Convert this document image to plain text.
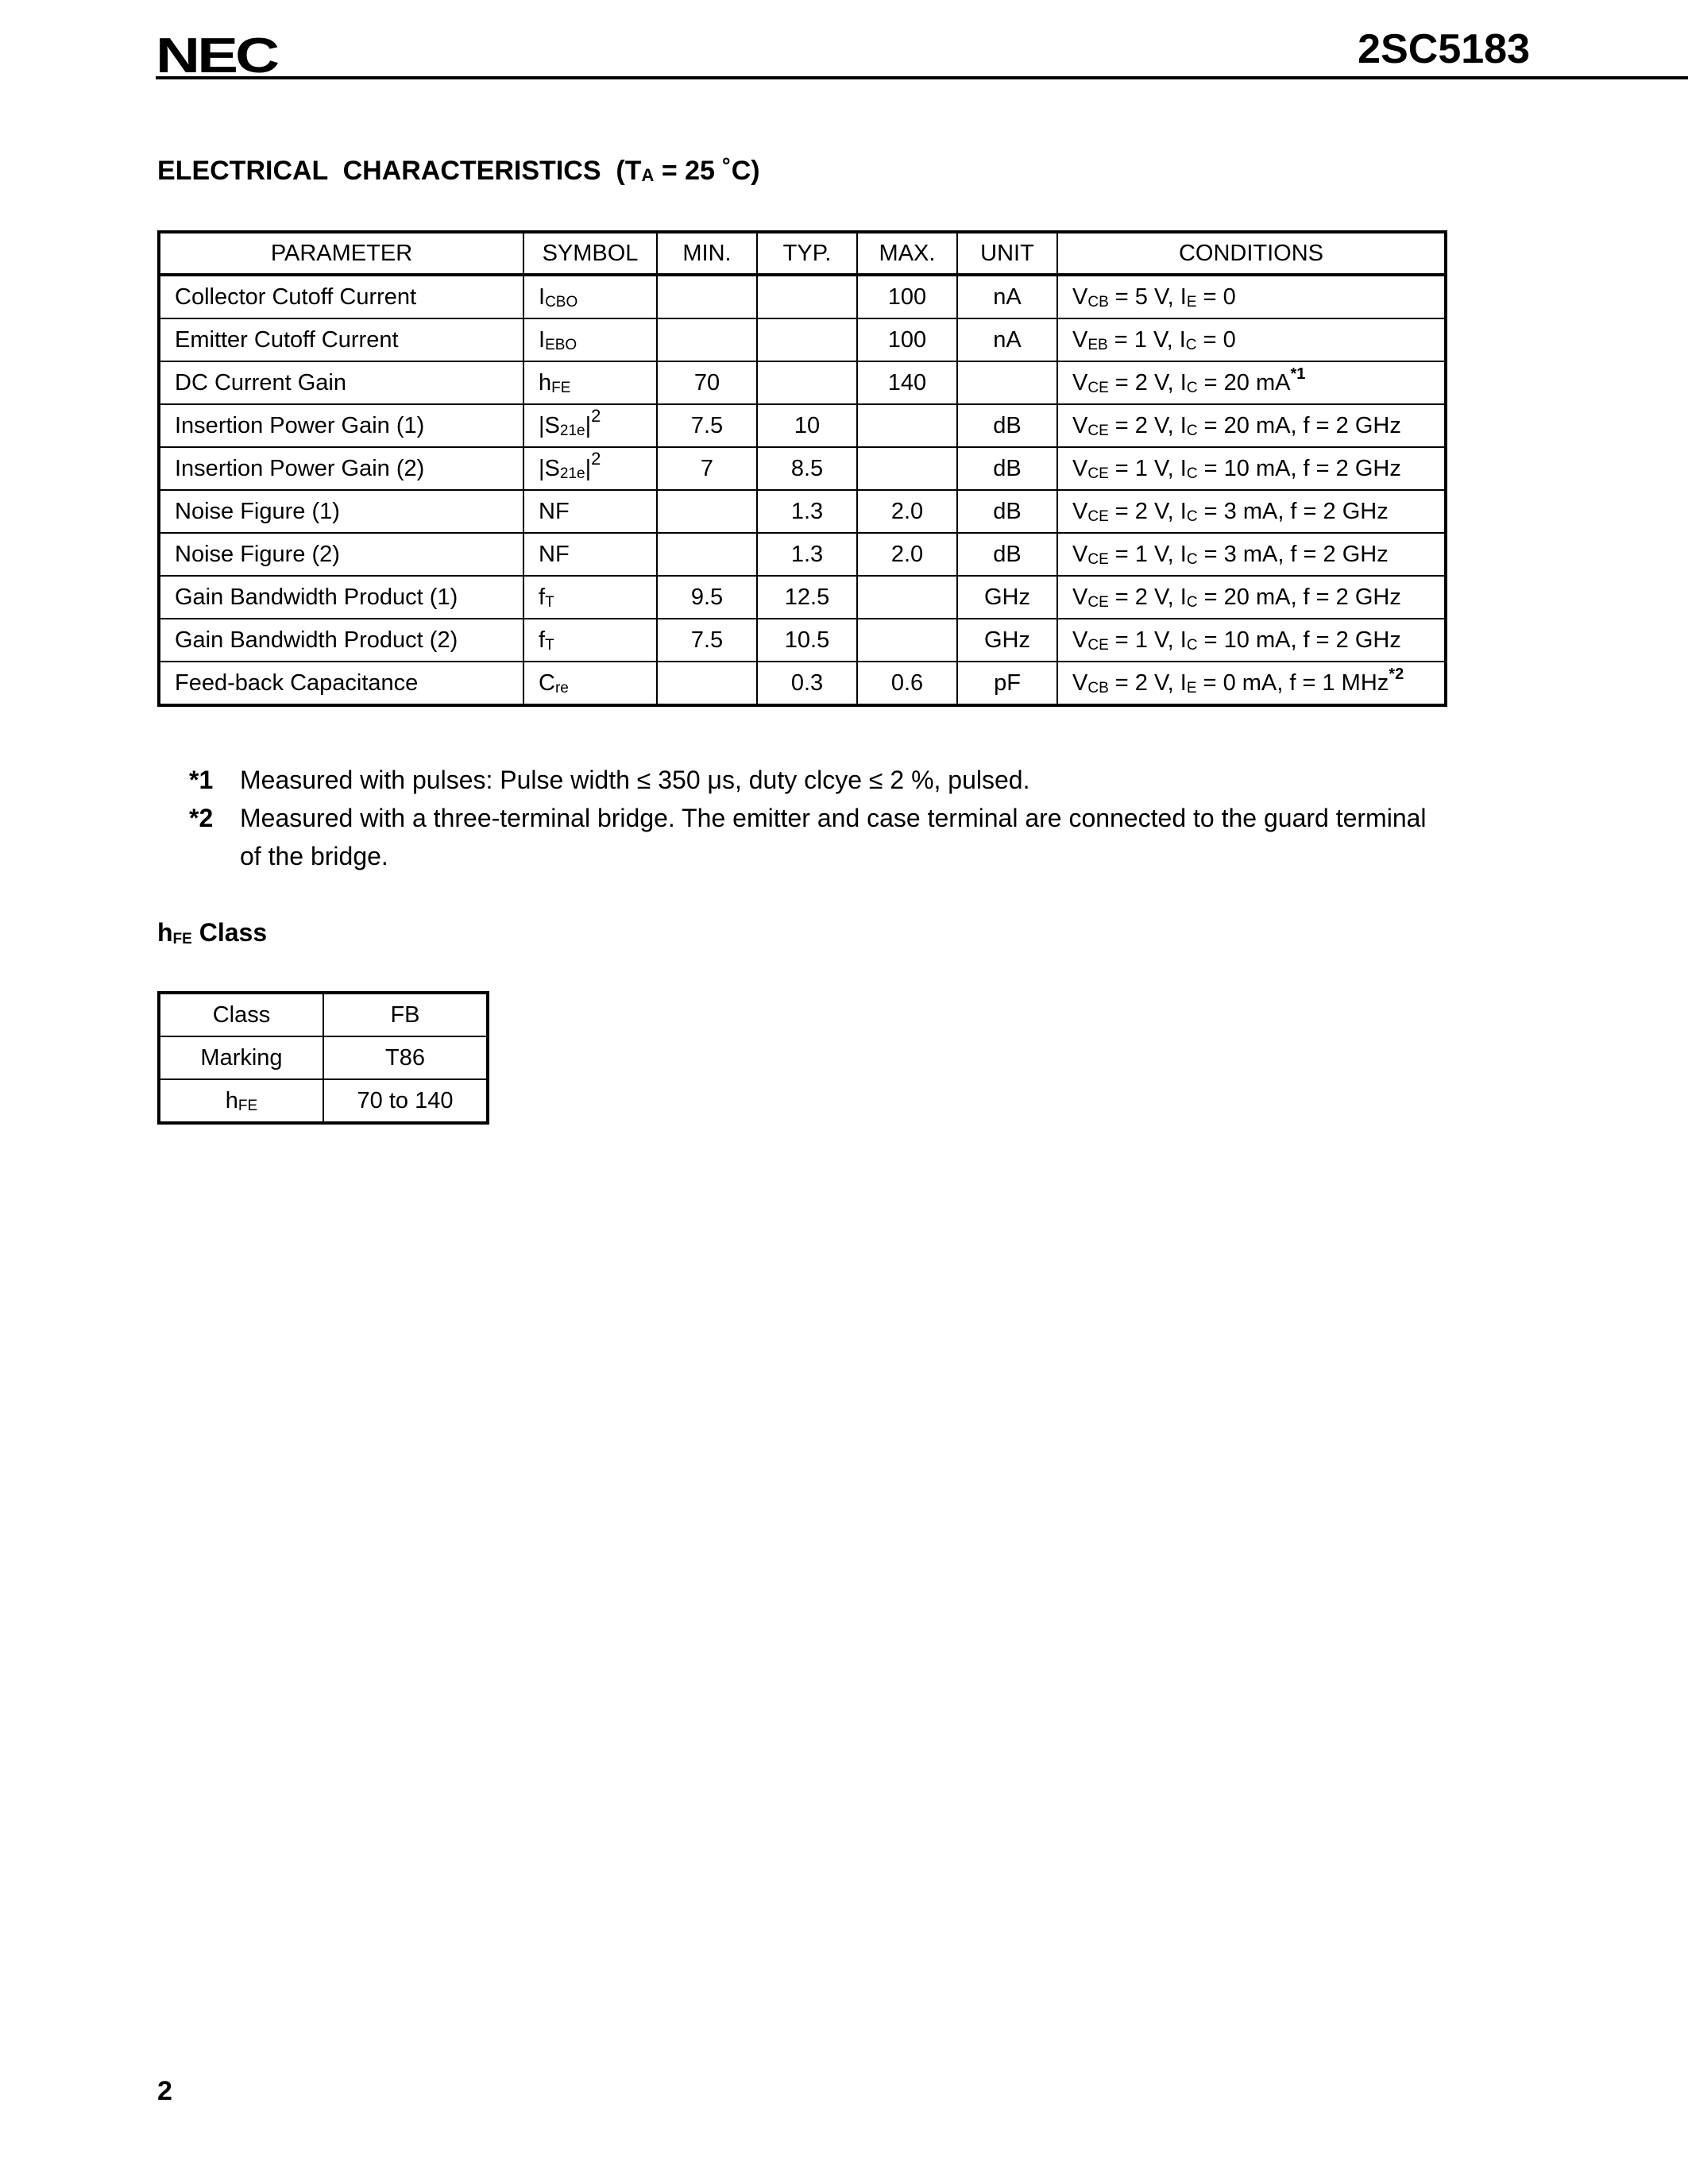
NEC	2SC5183
ELECTRICAL  CHARACTERISTICS  ($T_A = 25$ ˚C)
PARAMETER	SYMBOL	MIN.	TYP.	MAX.	UNIT	CONDITIONS
Collector Cutoff Current	ICBO			100	nA	VCB = 5 V, IE = 0
Emitter Cutoff Current	IEBO			100	nA	VEB = 1 V, IC = 0
DC Current Gain	hFE	70		140		VCE = 2 V, IC = 20 $mA^{*1}$
Insertion Power Gain (1)	$|S21e|^2$	7.5	10		dB	VCE = 2 V, IC = 20 mA, f = 2 GHz
Insertion Power Gain (2)	$|S21e|^2$	7	8.5		dB	VCE = 1 V, IC = 10 mA, f = 2 GHz
Noise Figure (1)	NF		1.3	2.0	dB	VCE = 2 V, IC = 3 mA, f = 2 GHz
Noise Figure (2)	NF		1.3	2.0	dB	VCE = 1 V, IC = 3 mA, f = 2 GHz
Gain Bandwidth Product (1)	fT	9.5	12.5		GHz	VCE = 2 V, IC = 20 mA, f = 2 GHz
Gain Bandwidth Product (2)	fT	7.5	10.5		GHz	VCE = 1 V, IC = 10 mA, f = 2 GHz
Feed-back Capacitance	Cre		0.3	0.6	pF	VCB = 2 V, IE = 0 mA, f = 1 MHz$^{*2}$
*1	Measured with pulses: Pulse width ≤ 350 μs, duty clcye ≤ 2 %, pulsed.
*2	Measured with a three-terminal bridge. The emitter and case terminal are connected to the guard terminal of the bridge.
hFE Class
Class	FB
Marking	T86
hFE	70 to 140
2
